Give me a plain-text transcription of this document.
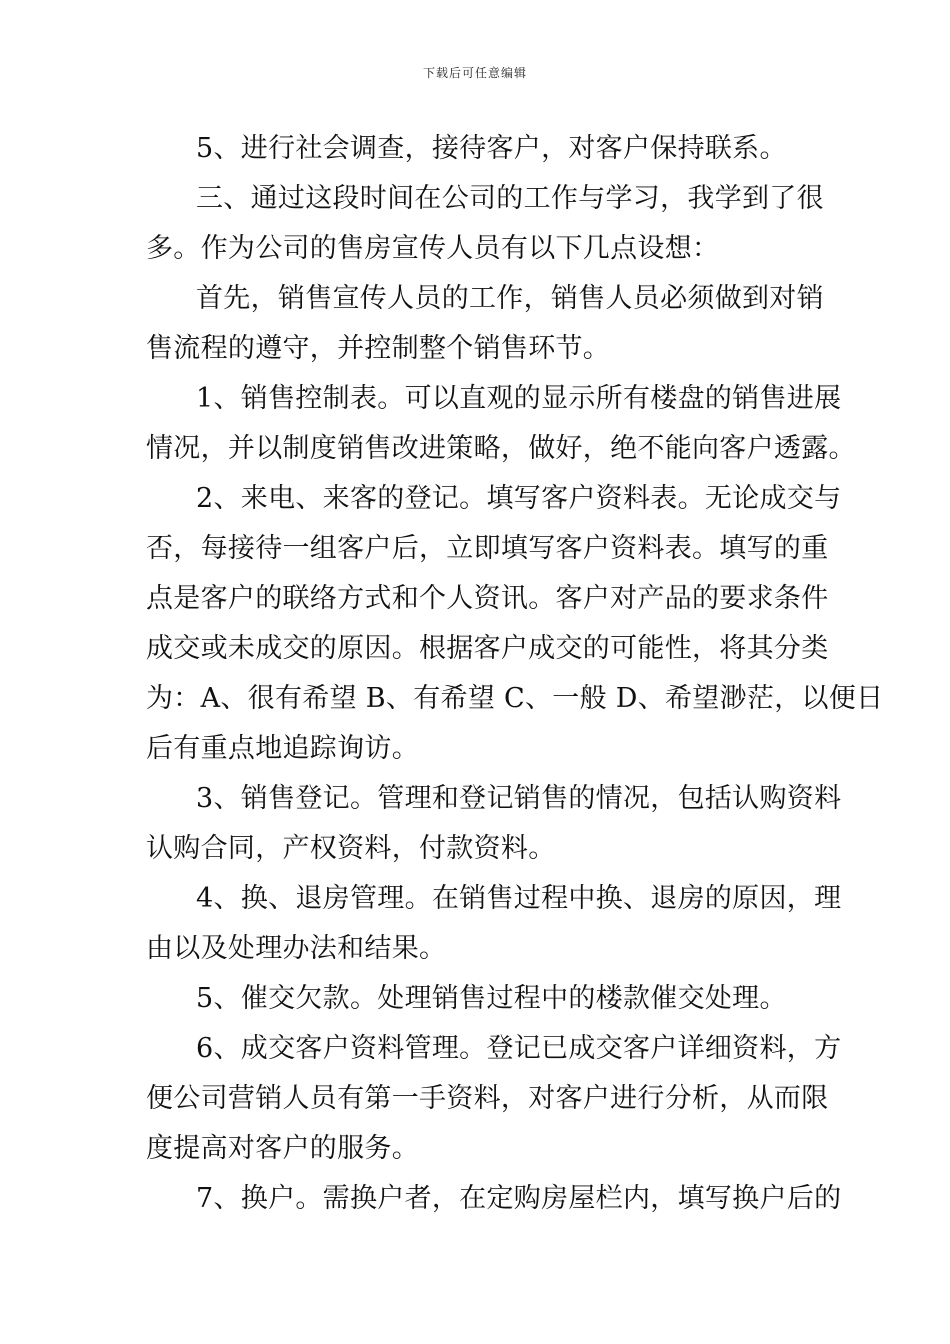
下载后可任意编辑
5、进行社会调查，接待客户，对客户保持联系。
三、通过这段时间在公司的工作与学习，我学到了很
多。作为公司的售房宣传人员有以下几点设想：
首先，销售宣传人员的工作，销售人员必须做到对销
售流程的遵守，并控制整个销售环节。
1、销售控制表。可以直观的显示所有楼盘的销售进展
情况，并以制度销售改进策略，做好，绝不能向客户透露。
2、来电、来客的登记。填写客户资料表。无论成交与
否，每接待一组客户后，立即填写客户资料表。填写的重
点是客户的联络方式和个人资讯。客户对产品的要求条件
成交或未成交的原因。根据客户成交的可能性，将其分类
为：A、很有希望 B、有希望 C、一般 D、希望渺茫，以便日
后有重点地追踪询访。
3、销售登记。管理和登记销售的情况，包括认购资料
认购合同，产权资料，付款资料。
4、换、退房管理。在销售过程中换、退房的原因，理
由以及处理办法和结果。
5、催交欠款。处理销售过程中的楼款催交处理。
6、成交客户资料管理。登记已成交客户详细资料，方
便公司营销人员有第一手资料，对客户进行分析，从而限
度提高对客户的服务。
7、换户。需换户者，在定购房屋栏内，填写换户后的
